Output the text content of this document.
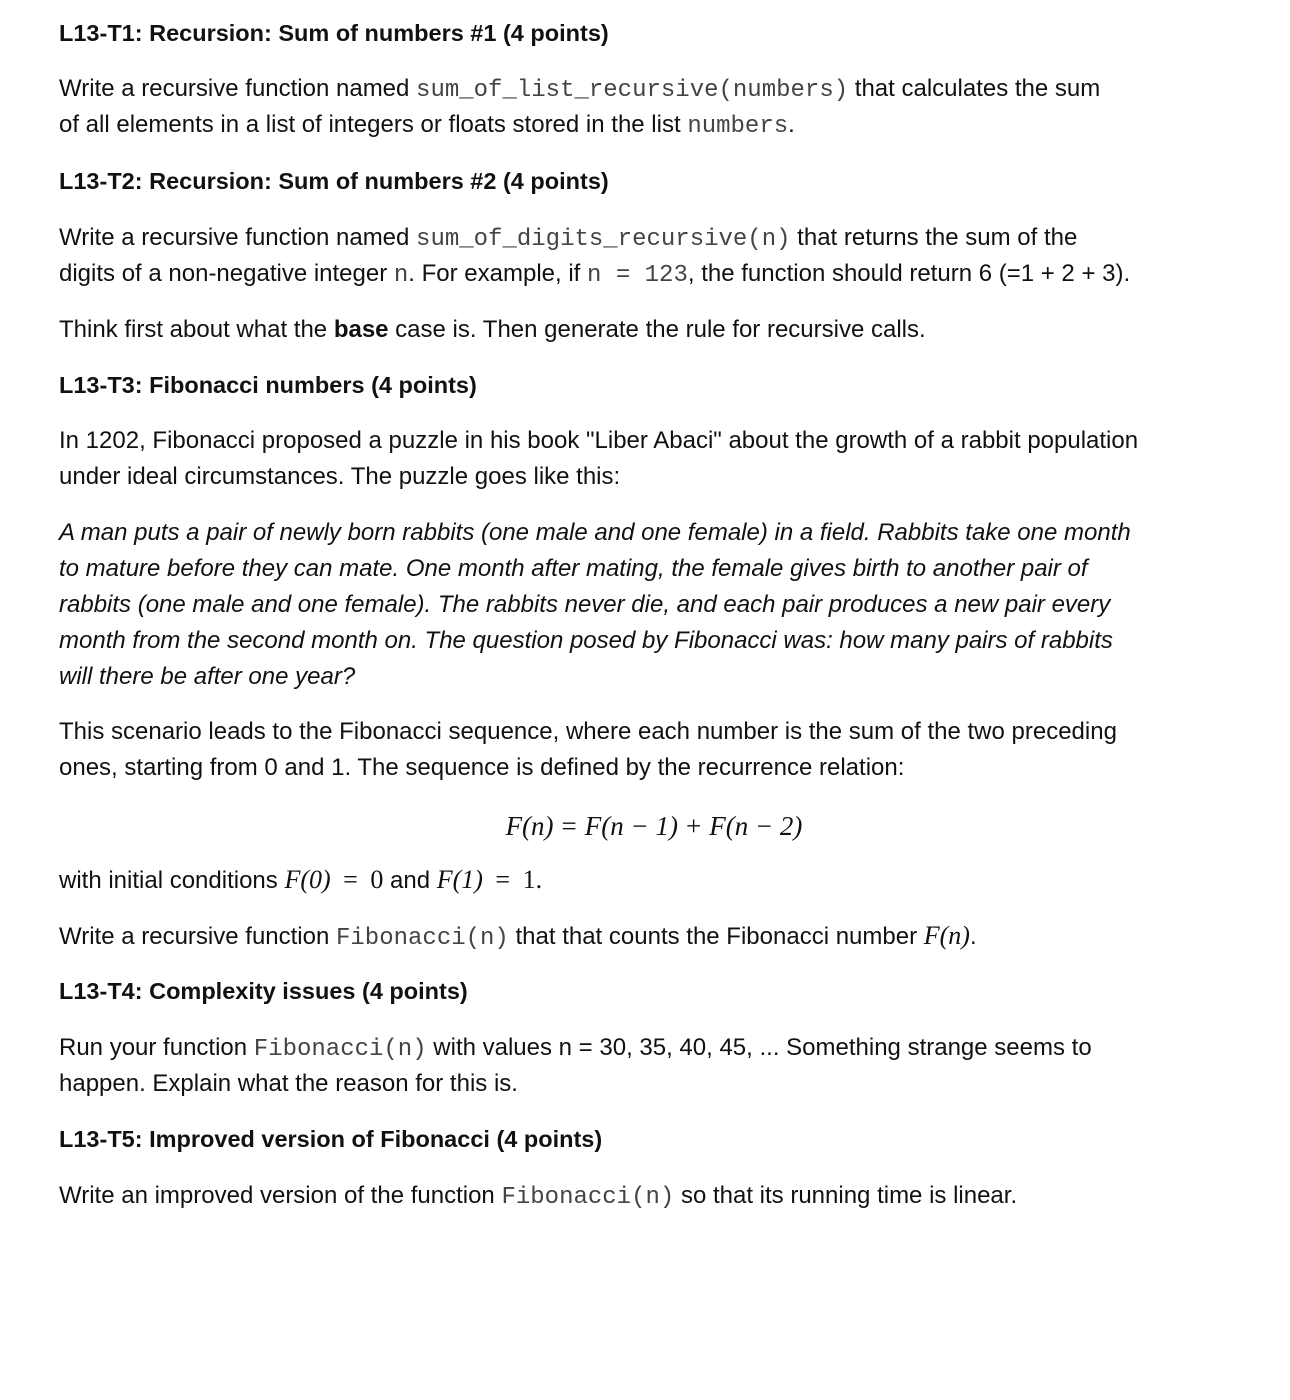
L13-T1: Recursion: Sum of numbers #1 (4 points)
Write a recursive function named sum_of_list_recursive(numbers) that calculates the sum
of all elements in a list of integers or floats stored in the list numbers.
L13-T2: Recursion: Sum of numbers #2 (4 points)
Write a recursive function named sum_of_digits_recursive(n) that returns the sum of the
digits of a non-negative integer n. For example, if n = 123, the function should return 6 (=1 + 2 + 3).
Think first about what the base case is. Then generate the rule for recursive calls.
L13-T3: Fibonacci numbers (4 points)
In 1202, Fibonacci proposed a puzzle in his book "Liber Abaci" about the growth of a rabbit population
under ideal circumstances. The puzzle goes like this:
A man puts a pair of newly born rabbits (one male and one female) in a field. Rabbits take one month
to mature before they can mate. One month after mating, the female gives birth to another pair of
rabbits (one male and one female). The rabbits never die, and each pair produces a new pair every
month from the second month on. The question posed by Fibonacci was: how many pairs of rabbits
will there be after one year?
This scenario leads to the Fibonacci sequence, where each number is the sum of the two preceding
ones, starting from 0 and 1. The sequence is defined by the recurrence relation:
F(n) = F(n − 1) + F(n − 2)
with initial conditions F(0) = 0 and F(1) = 1.
Write a recursive function Fibonacci(n) that that counts the Fibonacci number F(n).
L13-T4: Complexity issues (4 points)
Run your function Fibonacci(n) with values n = 30, 35, 40, 45, ... Something strange seems to
happen. Explain what the reason for this is.
L13-T5: Improved version of Fibonacci (4 points)
Write an improved version of the function Fibonacci(n) so that its running time is linear.
